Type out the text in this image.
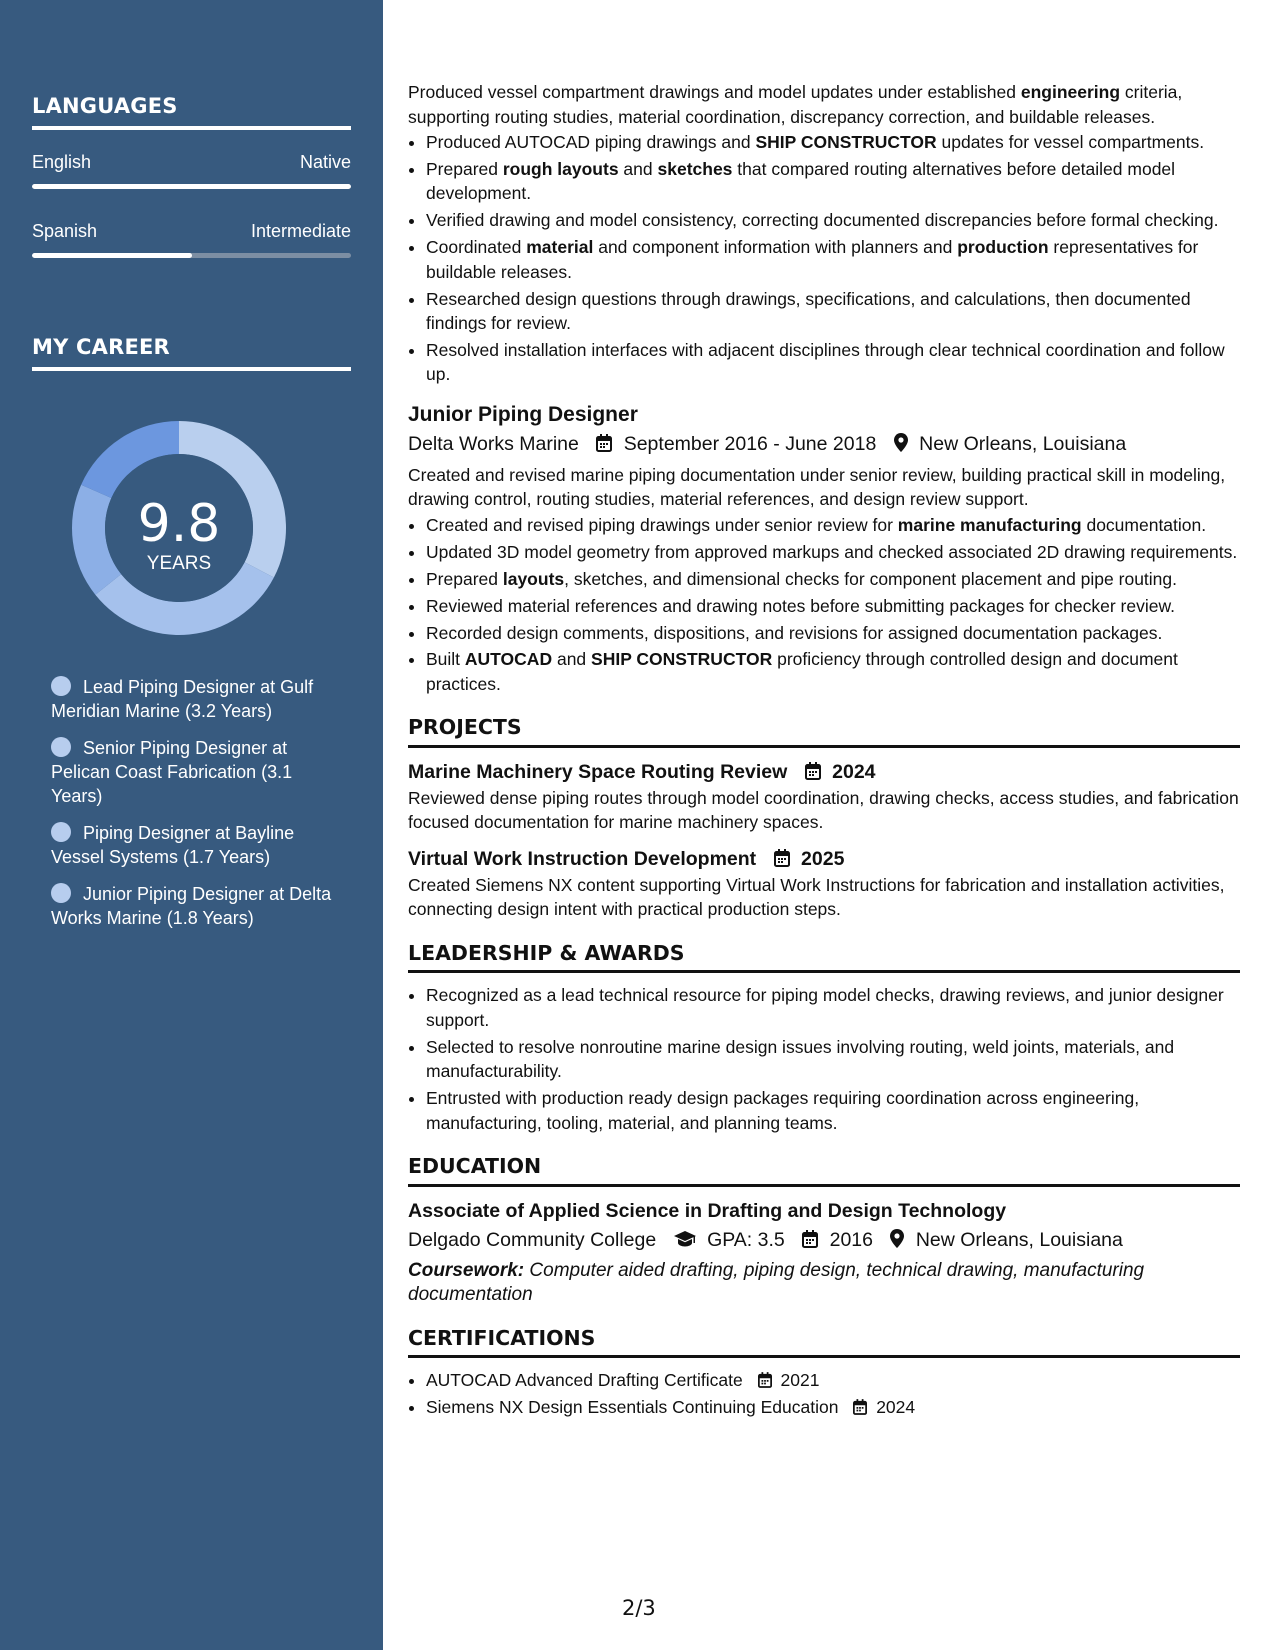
LANGUAGES
English	Native
Spanish	Intermediate
MY CAREER
9.8
YEARS
Lead Piping Designer at Gulf Meridian Marine (3.2 Years)
Senior Piping Designer at Pelican Coast Fabrication (3.1 Years)
Piping Designer at Bayline Vessel Systems (1.7 Years)
Junior Piping Designer at Delta Works Marine (1.8 Years)

Produced vessel compartment drawings and model updates under established engineering criteria, supporting routing studies, material coordination, discrepancy correction, and buildable releases.

• Produced AUTOCAD piping drawings and SHIP CONSTRUCTOR updates for vessel compartments.
• Prepared rough layouts and sketches that compared routing alternatives before detailed model development.
• Verified drawing and model consistency, correcting documented discrepancies before formal checking.
• Coordinated material and component information with planners and production representatives for buildable releases.
• Researched design questions through drawings, specifications, and calculations, then documented findings for review.
• Resolved installation interfaces with adjacent disciplines through clear technical coordination and follow up.
Junior Piping Designer
Delta Works Marine September 2016 - June 2018 New Orleans, Louisiana

Created and revised marine piping documentation under senior review, building practical skill in modeling, drawing control, routing studies, material references, and design review support.

• Created and revised piping drawings under senior review for marine manufacturing documentation.
• Updated 3D model geometry from approved markups and checked associated 2D drawing requirements.
• Prepared layouts, sketches, and dimensional checks for component placement and pipe routing.
• Reviewed material references and drawing notes before submitting packages for checker review.
• Recorded design comments, dispositions, and revisions for assigned documentation packages.
• Built AUTOCAD and SHIP CONSTRUCTOR proficiency through controlled design and document practices.
PROJECTS
Marine Machinery Space Routing Review 2024

Reviewed dense piping routes through model coordination, drawing checks, access studies, and fabrication focused documentation for marine machinery spaces.

Virtual Work Instruction Development 2025

Created Siemens NX content supporting Virtual Work Instructions for fabrication and installation activities, connecting design intent with practical production steps.

LEADERSHIP & AWARDS
• Recognized as a lead technical resource for piping model checks, drawing reviews, and junior designer support.
• Selected to resolve nonroutine marine design issues involving routing, weld joints, materials, and manufacturability.
• Entrusted with production ready design packages requiring coordination across engineering, manufacturing, tooling, material, and planning teams.
EDUCATION
Associate of Applied Science in Drafting and Design Technology
Delgado Community College	GPA: 3.5 2016 New Orleans, Louisiana

Coursework: Computer aided drafting, piping design, technical drawing, manufacturing documentation

CERTIFICATIONS
• AUTOCAD Advanced Drafting Certificate 2021
• Siemens NX Design Essentials Continuing Education 2024
2/3
